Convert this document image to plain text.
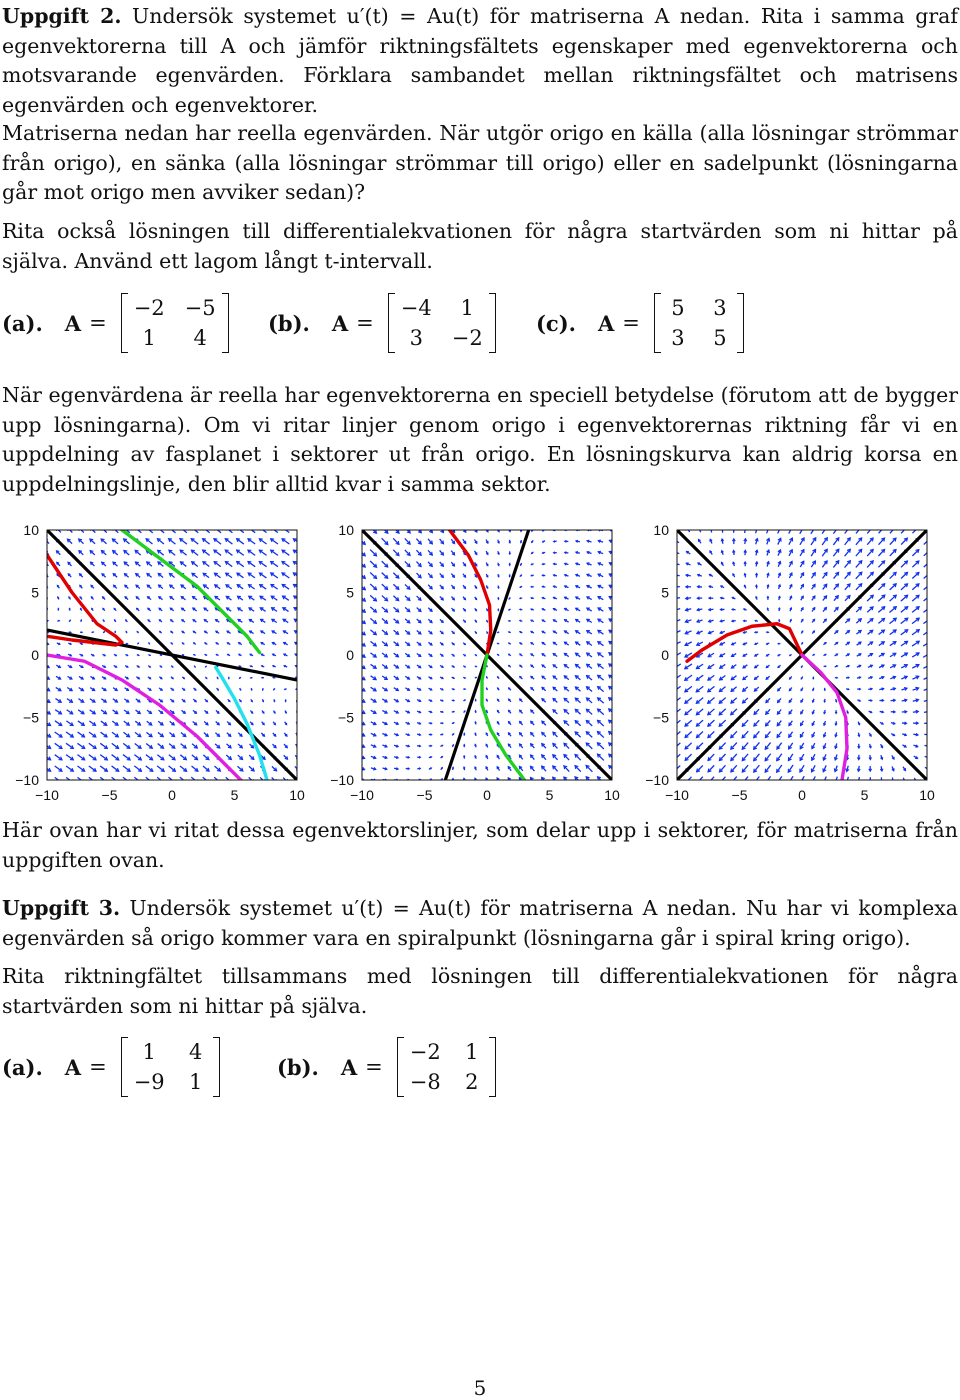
Uppgift 2. Undersök systemet u′(t) = Au(t) för matriserna A nedan. Rita i samma graf egenvektorerna till A och jämför riktningsfältets egenskaper med egenvektorerna och motsvarande egenvärden. Förklara sambandet mellan riktningsfältet och matrisens egenvärden och egenvektorer.

Matriserna nedan har reella egenvärden. När utgör origo en källa (alla lösningar strömmar från origo), en sänka (alla lösningar strömmar till origo) eller en sadelpunkt (lösningarna går mot origo men avviker sedan)?

Rita också lösningen till differentialekvationen för några startvärden som ni hittar på själva. Använd ett lagom långt t-intervall.

(a). A =
−2 −5
1	4
(b). A =
−4	1
3	−2
(c). A =
5 3
3 5

När egenvärdena är reella har egenvektorerna en speciell betydelse (förutom att de bygger upp lösningarna). Om vi ritar linjer genom origo i egenvektorernas riktning får vi en uppdelning av fasplanet i sektorer ut från origo. En lösningskurva kan aldrig korsa en uppdelningslinje, den blir alltid kvar i samma sektor.

10
5
0
−5
−10
−10	−5	0	5	10
10
5
0
−5
−10
−10	−5	0	5	10
10
5
0
−5
−10
−10	−5	0	5	10

Här ovan har vi ritat dessa egenvektorslinjer, som delar upp i sektorer, för matriserna från uppgiften ovan.

Uppgift 3. Undersök systemet u′(t) = Au(t) för matriserna A nedan. Nu har vi komplexa egenvärden så origo kommer vara en spiralpunkt (lösningarna går i spiral kring origo).

Rita riktningfältet tillsammans med lösningen till differentialekvationen för några startvärden som ni hittar på själva.

(a). A =
1	4
−9 1
(b). A =
−2 1
−8 2
5
